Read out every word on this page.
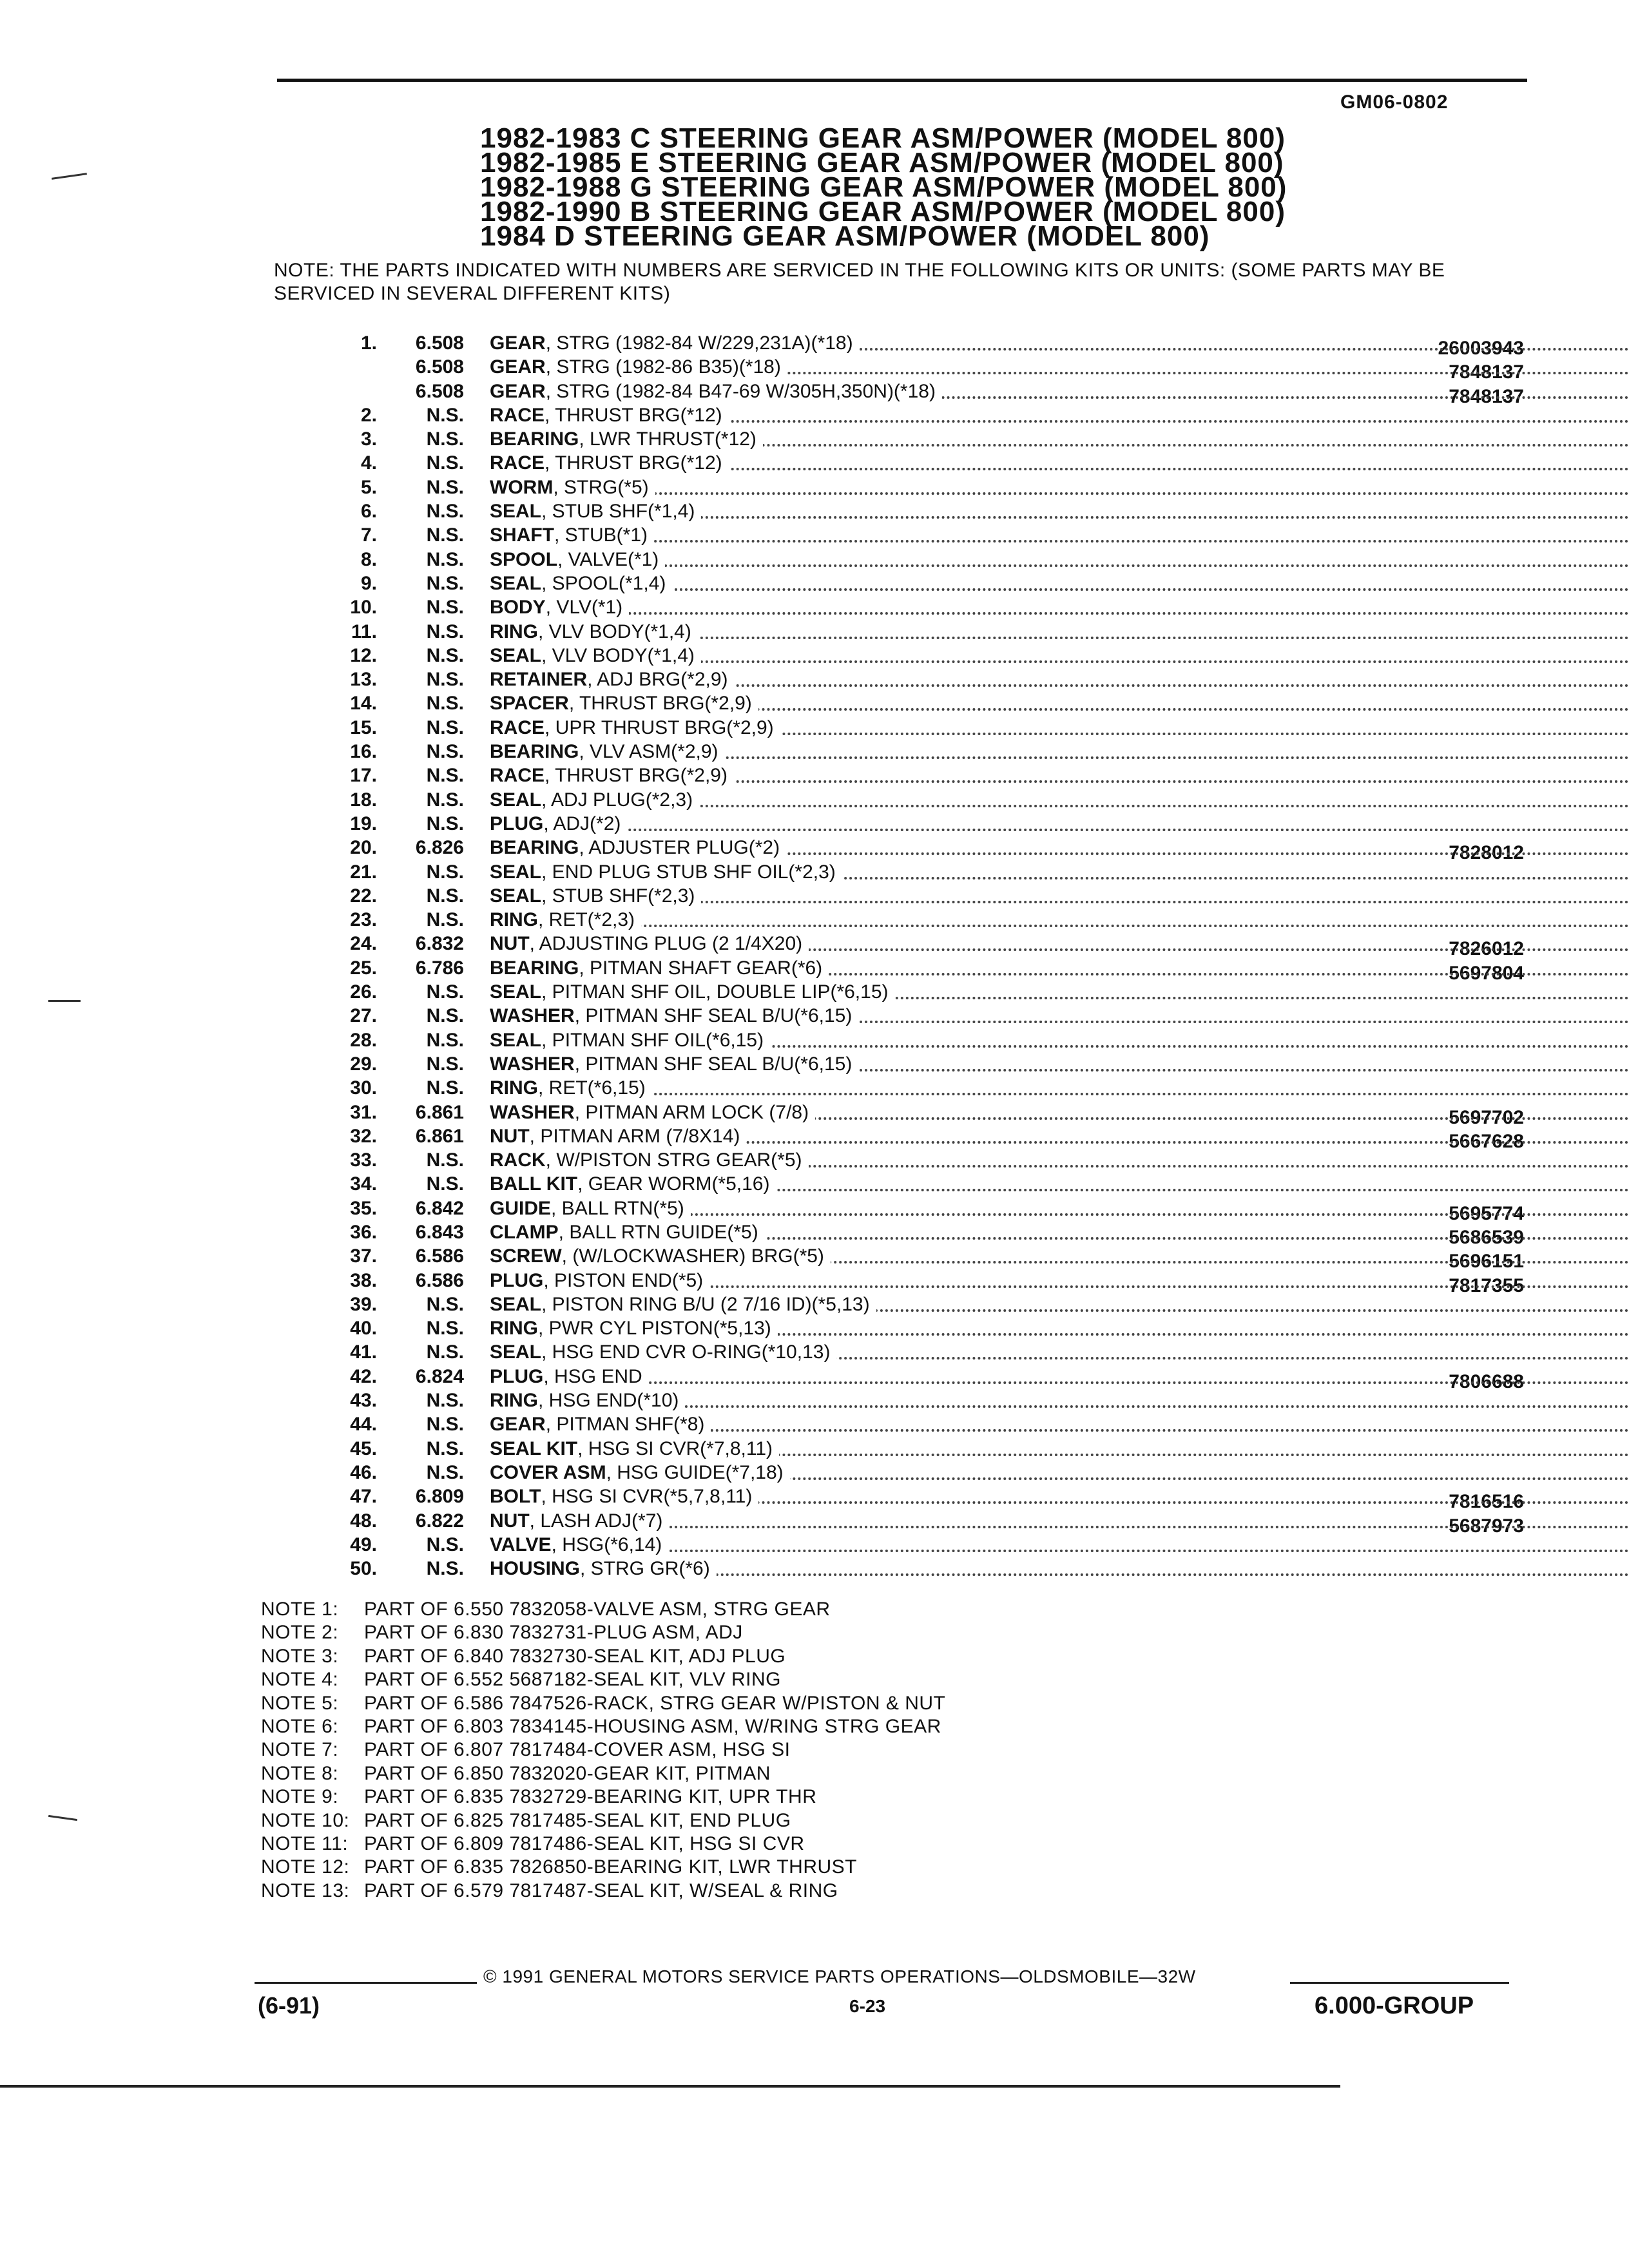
GM06-0802
1982-1983 C STEERING GEAR ASM/POWER (MODEL 800)
1982-1985 E STEERING GEAR ASM/POWER (MODEL 800)
1982-1988 G STEERING GEAR ASM/POWER (MODEL 800)
1982-1990 B STEERING GEAR ASM/POWER (MODEL 800)
1984 D STEERING GEAR ASM/POWER (MODEL 800)
NOTE: THE PARTS INDICATED WITH NUMBERS ARE SERVICED IN THE FOLLOWING KITS OR UNITS: (SOME PARTS MAY BE SERVICED IN SEVERAL DIFFERENT KITS)
1.	6.508 GEAR, STRG (1982-84 W/229,231A)(*18)	26003943
6.508 GEAR, STRG (1982-86 B35)(*18)	7848137
6.508 GEAR, STRG (1982-84 B47-69 W/305H,350N)(*18)	7848137
2.	N.S. RACE, THRUST BRG(*12)
3.	N.S. BEARING, LWR THRUST(*12)
4.	N.S. RACE, THRUST BRG(*12)
5.	N.S. WORM, STRG(*5)
6.	N.S. SEAL, STUB SHF(*1,4)
7.	N.S. SHAFT, STUB(*1)
8.	N.S. SPOOL, VALVE(*1)
9.	N.S. SEAL, SPOOL(*1,4)
10.	N.S. BODY, VLV(*1)
11.	N.S. RING, VLV BODY(*1,4)
12.	N.S. SEAL, VLV BODY(*1,4)
13.	N.S. RETAINER, ADJ BRG(*2,9)
14.	N.S. SPACER, THRUST BRG(*2,9)
15.	N.S. RACE, UPR THRUST BRG(*2,9)
16.	N.S. BEARING, VLV ASM(*2,9)
17.	N.S. RACE, THRUST BRG(*2,9)
18.	N.S. SEAL, ADJ PLUG(*2,3)
19.	N.S. PLUG, ADJ(*2)
20.	6.826 BEARING, ADJUSTER PLUG(*2)	7828012
21.	N.S. SEAL, END PLUG STUB SHF OIL(*2,3)
22.	N.S. SEAL, STUB SHF(*2,3)
23.	N.S. RING, RET(*2,3)
24.	6.832 NUT, ADJUSTING PLUG (2 1/4X20)	7826012
25.	6.786 BEARING, PITMAN SHAFT GEAR(*6)	5697804
26.	N.S. SEAL, PITMAN SHF OIL, DOUBLE LIP(*6,15)
27.	N.S. WASHER, PITMAN SHF SEAL B/U(*6,15)
28.	N.S. SEAL, PITMAN SHF OIL(*6,15)
29.	N.S. WASHER, PITMAN SHF SEAL B/U(*6,15)
30.	N.S. RING, RET(*6,15)
31.	6.861 WASHER, PITMAN ARM LOCK (7/8)	5697702
32.	6.861 NUT, PITMAN ARM (7/8X14)	5667628
33.	N.S. RACK, W/PISTON STRG GEAR(*5)
34.	N.S. BALL KIT, GEAR WORM(*5,16)
35.	6.842 GUIDE, BALL RTN(*5)	5695774
36.	6.843 CLAMP, BALL RTN GUIDE(*5)	5686539
37.	6.586 SCREW, (W/LOCKWASHER) BRG(*5)	5696151
38.	6.586 PLUG, PISTON END(*5)	7817355
39.	N.S. SEAL, PISTON RING B/U (2 7/16 ID)(*5,13)
40.	N.S. RING, PWR CYL PISTON(*5,13)
41.	N.S. SEAL, HSG END CVR O-RING(*10,13)
42.	6.824 PLUG, HSG END	7806688
43.	N.S. RING, HSG END(*10)
44.	N.S. GEAR, PITMAN SHF(*8)
45.	N.S. SEAL KIT, HSG SI CVR(*7,8,11)
46.	N.S. COVER ASM, HSG GUIDE(*7,18)
47.	6.809 BOLT, HSG SI CVR(*5,7,8,11)	7816516
48.	6.822 NUT, LASH ADJ(*7)	5687973
49.	N.S. VALVE, HSG(*6,14)
50.	N.S. HOUSING, STRG GR(*6)
NOTE 1: PART OF 6.550 7832058-VALVE ASM, STRG GEAR
NOTE 2: PART OF 6.830 7832731-PLUG ASM, ADJ
NOTE 3: PART OF 6.840 7832730-SEAL KIT, ADJ PLUG
NOTE 4: PART OF 6.552 5687182-SEAL KIT, VLV RING
NOTE 5: PART OF 6.586 7847526-RACK, STRG GEAR W/PISTON & NUT
NOTE 6: PART OF 6.803 7834145-HOUSING ASM, W/RING STRG GEAR
NOTE 7: PART OF 6.807 7817484-COVER ASM, HSG SI
NOTE 8: PART OF 6.850 7832020-GEAR KIT, PITMAN
NOTE 9: PART OF 6.835 7832729-BEARING KIT, UPR THR
NOTE 10: PART OF 6.825 7817485-SEAL KIT, END PLUG
NOTE 11: PART OF 6.809 7817486-SEAL KIT, HSG SI CVR
NOTE 12: PART OF 6.835 7826850-BEARING KIT, LWR THRUST
NOTE 13: PART OF 6.579 7817487-SEAL KIT, W/SEAL & RING
© 1991 GENERAL MOTORS SERVICE PARTS OPERATIONS—OLDSMOBILE—32W
(6-91)	6-23	6.000-GROUP
